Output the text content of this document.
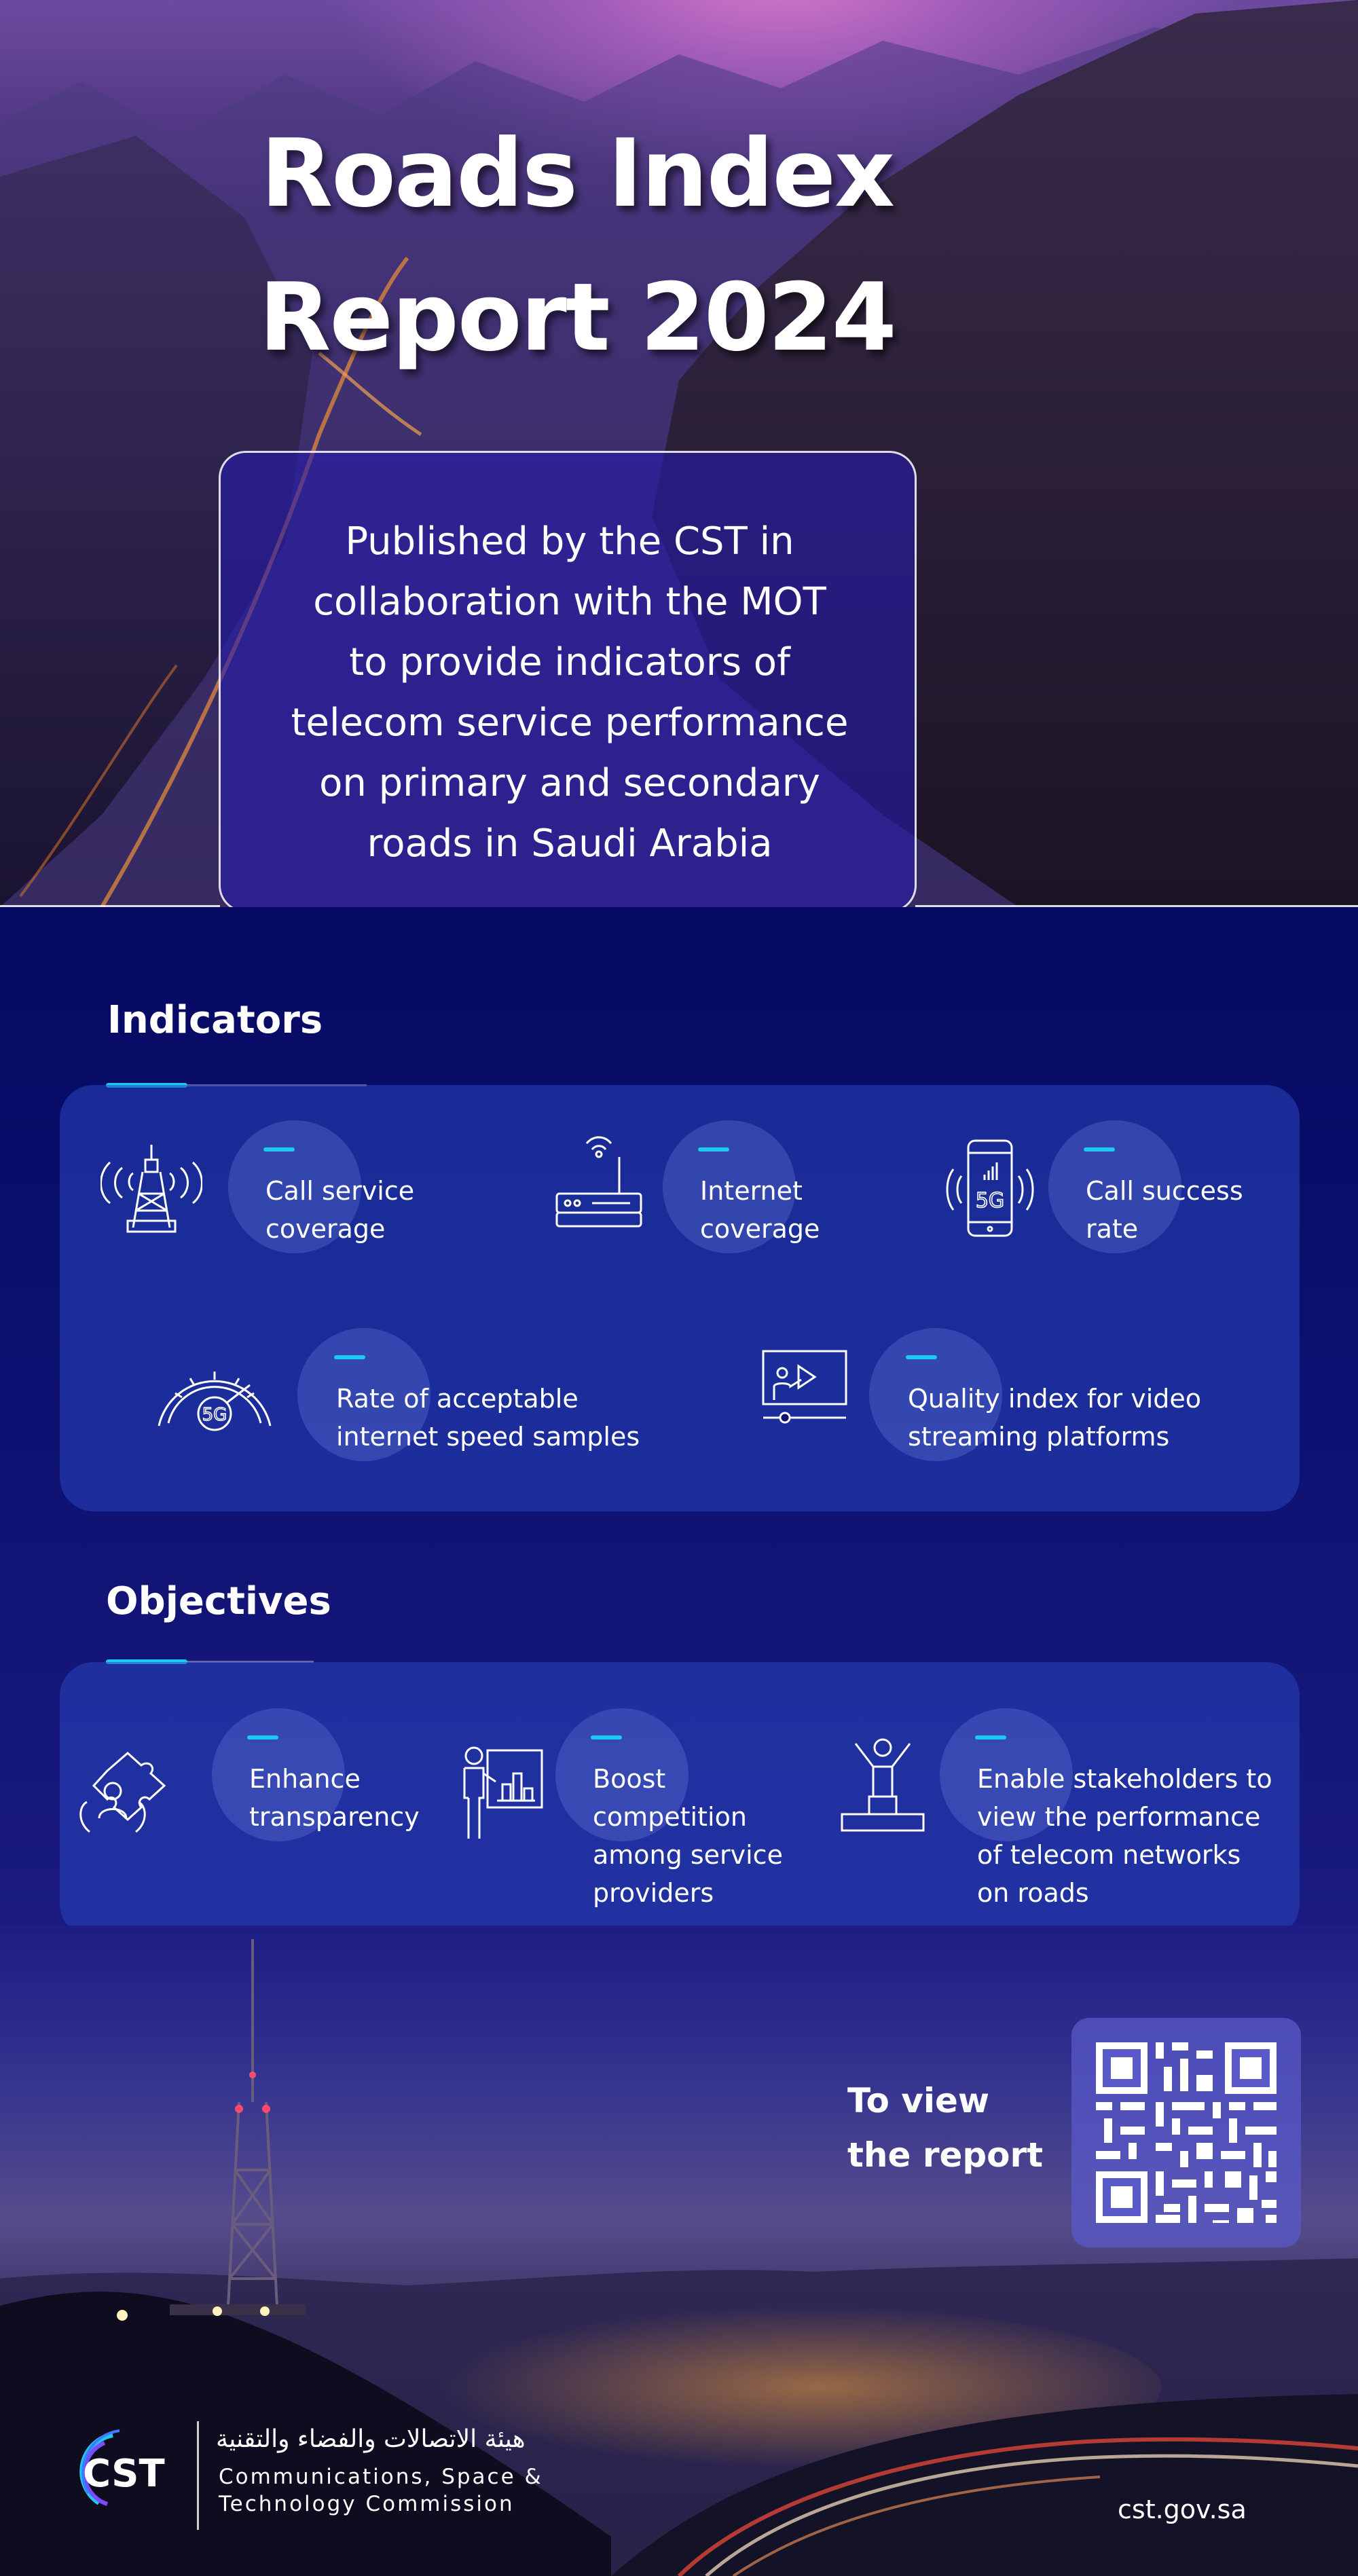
Roads Index
Report 2024

Published by the CST in
collaboration with the MOT
to provide indicators of
telecom service performance
on primary and secondary
roads in Saudi Arabia

Indicators
Call service
coverage
Internet
coverage
5G	Call success
rate
5G
Rate of acceptable
internet speed samples
Quality index for video
streaming platforms
Objectives
Enhance
transparency
Boost
competition
among service
providers
Enable stakeholders to
view the performance
of telecom networks
on roads
To view
the report
CST
هيئة الاتصالات والفضاء والتقنية
Communications, Space &
Technology Commission	cst.gov.sa
